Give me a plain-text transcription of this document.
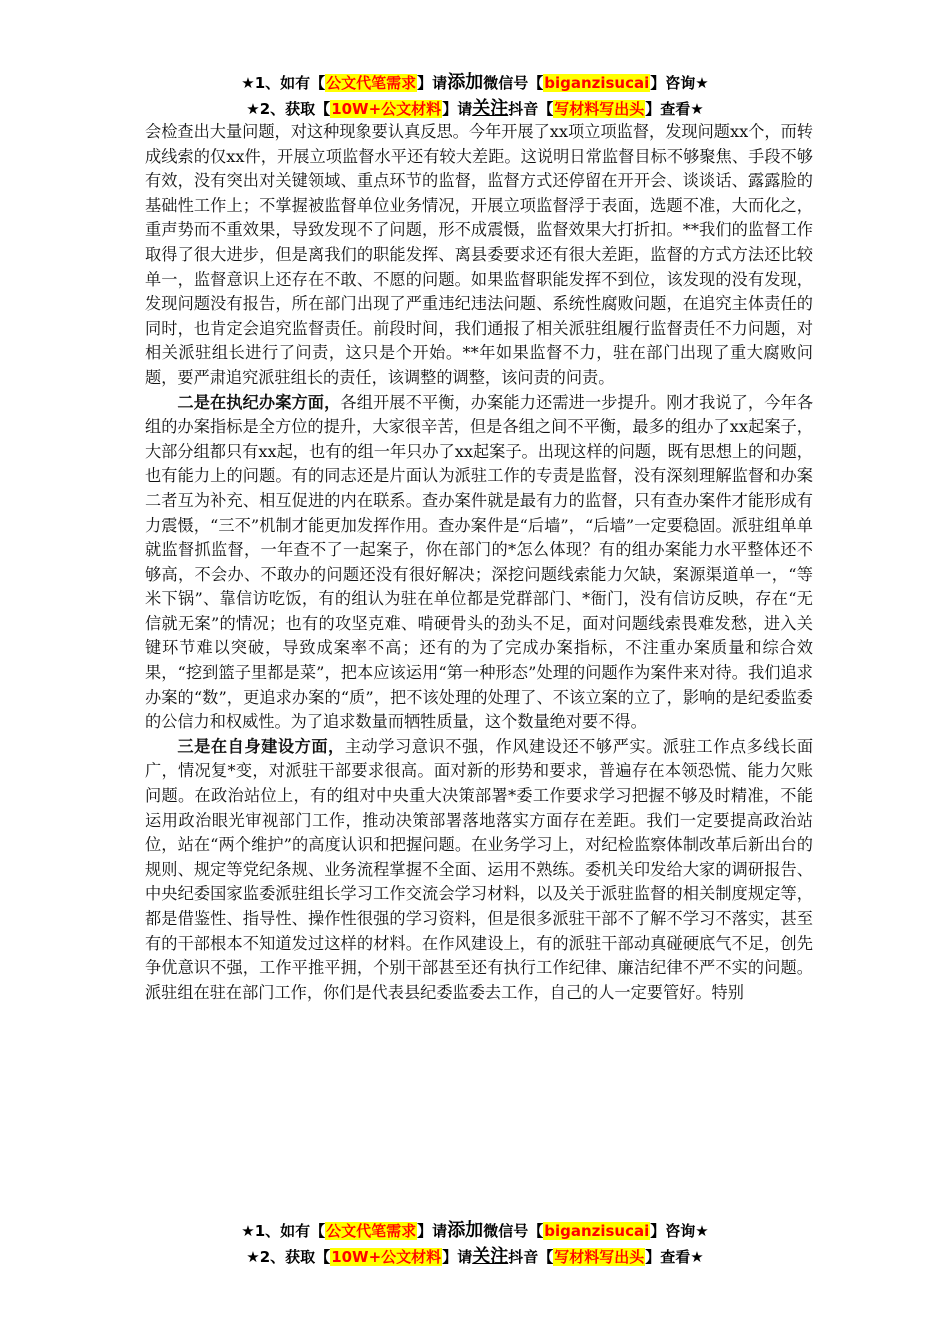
★1、如有【公文代笔需求】请添加微信号【biganzisucai】咨询★
★2、获取【10W+公文材料】请关注抖音【写材料写出头】查看★

会检查出大量问题，对这种现象要认真反思。今年开展了xx项立项监督，发现问题xx个，而转成线索的仅xx件，开展立项监督水平还有较大差距。这说明日常监督目标不够聚焦、手段不够有效，没有突出对关键领域、重点环节的监督，监督方式还停留在开开会、谈谈话、露露脸的基础性工作上；不掌握被监督单位业务情况，开展立项监督浮于表面，选题不准，大而化之，重声势而不重效果，导致发现不了问题，形不成震慑，监督效果大打折扣。**我们的监督工作取得了很大进步，但是离我们的职能发挥、离县委要求还有很大差距，监督的方式方法还比较单一，监督意识上还存在不敢、不愿的问题。如果监督职能发挥不到位，该发现的没有发现，发现问题没有报告，所在部门出现了严重违纪违法问题、系统性腐败问题，在追究主体责任的同时，也肯定会追究监督责任。前段时间，我们通报了相关派驻组履行监督责任不力问题，对相关派驻组长进行了问责，这只是个开始。**年如果监督不力，驻在部门出现了重大腐败问题，要严肃追究派驻组长的责任，该调整的调整，该问责的问责。

二是在执纪办案方面，各组开展不平衡，办案能力还需进一步提升。刚才我说了，今年各组的办案指标是全方位的提升，大家很辛苦，但是各组之间不平衡，最多的组办了xx起案子，大部分组都只有xx起，也有的组一年只办了xx起案子。出现这样的问题，既有思想上的问题，也有能力上的问题。有的同志还是片面认为派驻工作的专责是监督，没有深刻理解监督和办案二者互为补充、相互促进的内在联系。查办案件就是最有力的监督，只有查办案件才能形成有力震慑，“三不”机制才能更加发挥作用。查办案件是“后墙”，“后墙”一定要稳固。派驻组单单就监督抓监督，一年查不了一起案子，你在部门的*怎么体现？有的组办案能力水平整体还不够高，不会办、不敢办的问题还没有很好解决；深挖问题线索能力欠缺，案源渠道单一，“等米下锅”、靠信访吃饭，有的组认为驻在单位都是党群部门、*衙门，没有信访反映，存在“无信就无案”的情况；也有的攻坚克难、啃硬骨头的劲头不足，面对问题线索畏难发愁，进入关键环节难以突破，导致成案率不高；还有的为了完成办案指标，不注重办案质量和综合效果，“挖到篮子里都是菜”，把本应该运用“第一种形态”处理的问题作为案件来对待。我们追求办案的“数”，更追求办案的“质”，把不该处理的处理了、不该立案的立了，影响的是纪委监委的公信力和权威性。为了追求数量而牺牲质量，这个数量绝对要不得。

三是在自身建设方面，主动学习意识不强，作风建设还不够严实。派驻工作点多线长面广，情况复*变，对派驻干部要求很高。面对新的形势和要求，普遍存在本领恐慌、能力欠账问题。在政治站位上，有的组对中央重大决策部署*委工作要求学习把握不够及时精准，不能运用政治眼光审视部门工作，推动决策部署落地落实方面存在差距。我们一定要提高政治站位，站在“两个维护”的高度认识和把握问题。在业务学习上，对纪检监察体制改革后新出台的规则、规定等党纪条规、业务流程掌握不全面、运用不熟练。委机关印发给大家的调研报告、中央纪委国家监委派驻组长学习工作交流会学习材料，以及关于派驻监督的相关制度规定等，都是借鉴性、指导性、操作性很强的学习资料，但是很多派驻干部不了解不学习不落实，甚至有的干部根本不知道发过这样的材料。在作风建设上，有的派驻干部动真碰硬底气不足，创先争优意识不强，工作平推平拥，个别干部甚至还有执行工作纪律、廉洁纪律不严不实的问题。派驻组在驻在部门工作，你们是代表县纪委监委去工作，自己的人一定要管好。特别

★1、如有【公文代笔需求】请添加微信号【biganzisucai】咨询★
★2、获取【10W+公文材料】请关注抖音【写材料写出头】查看★
